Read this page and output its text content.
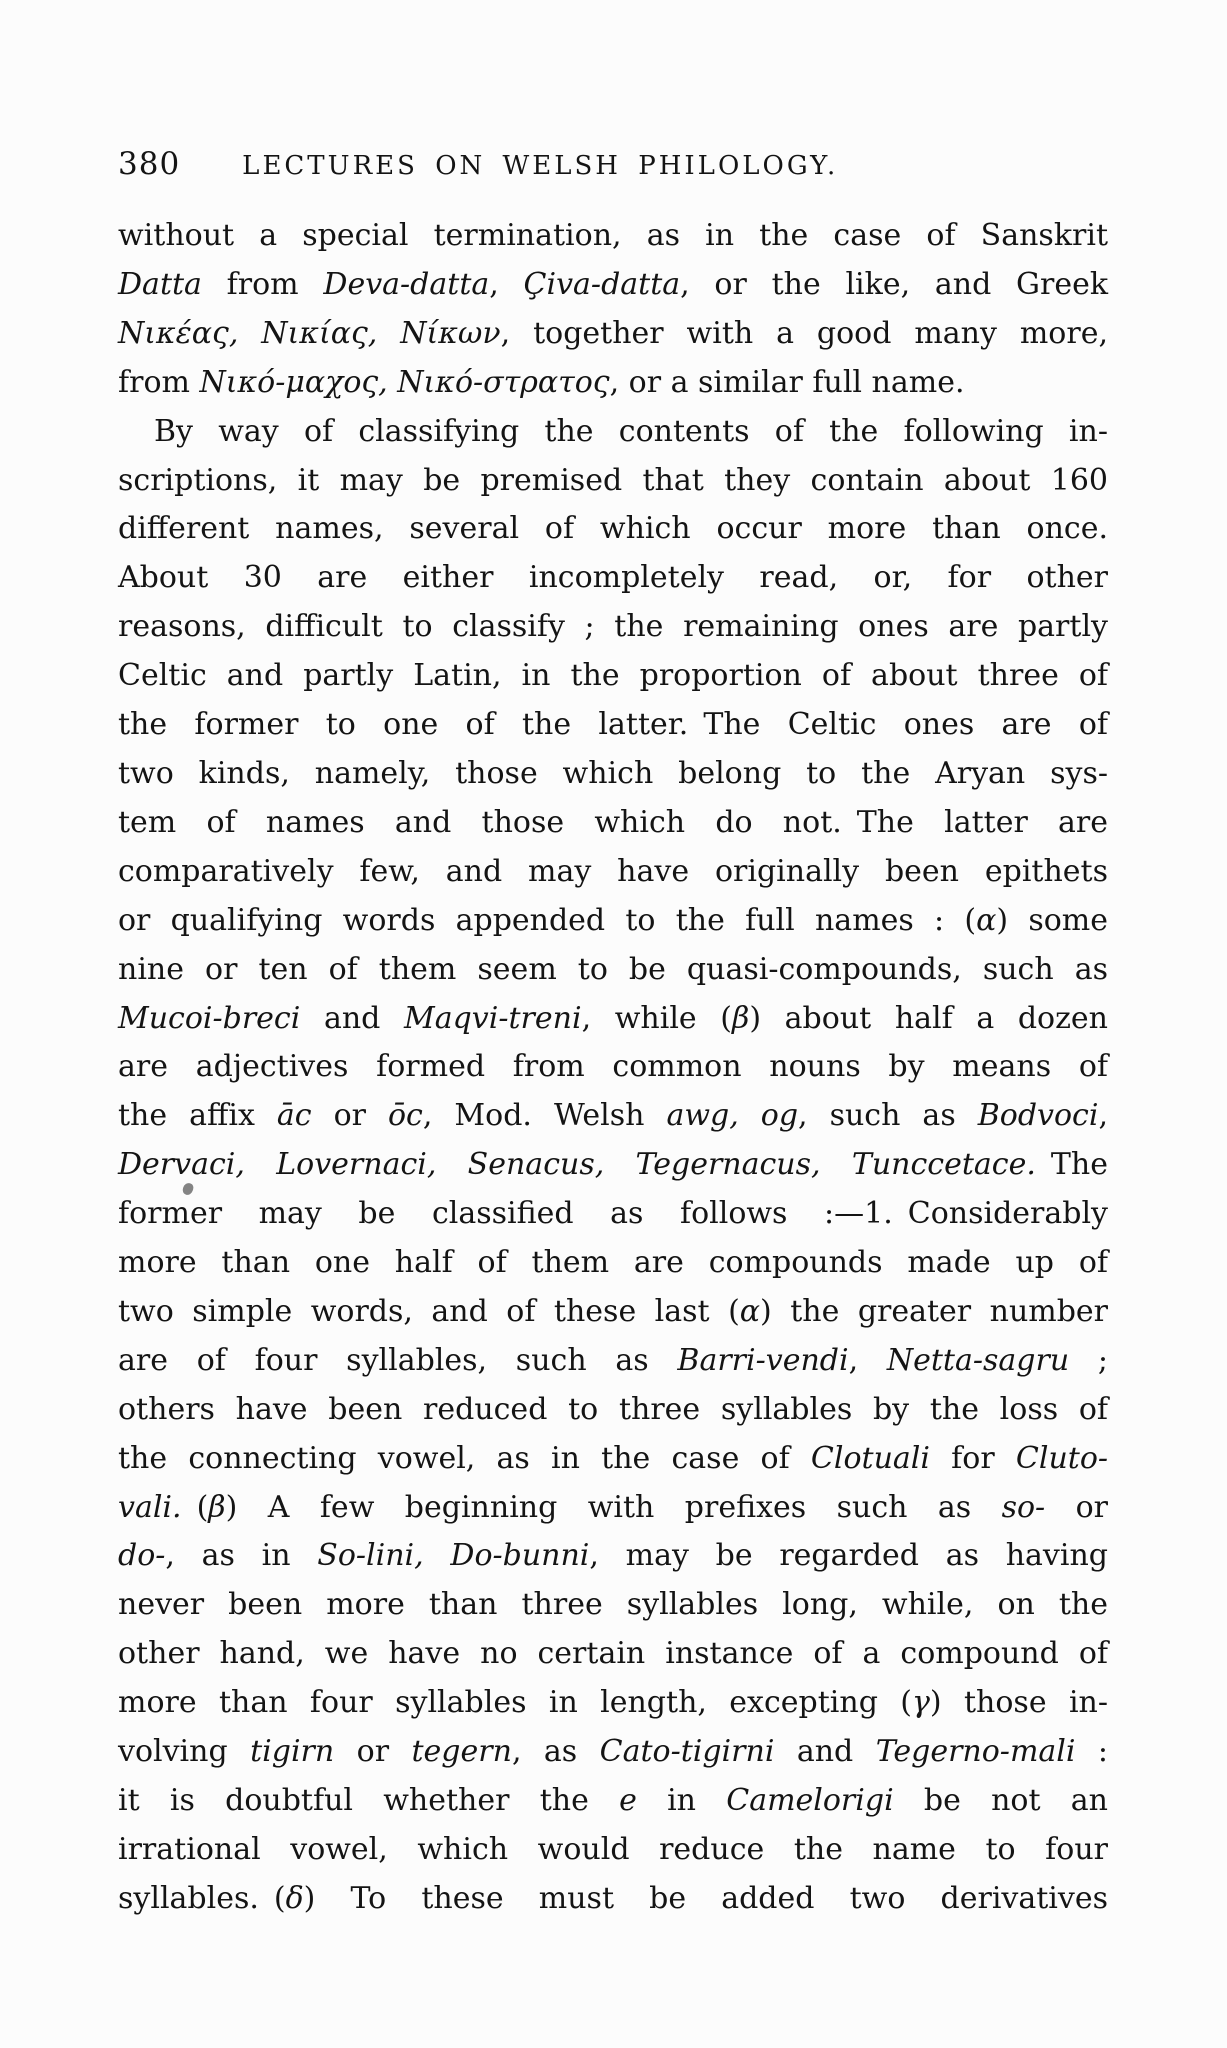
380 LECTURES ON WELSH PHILOLOGY.
without a special termination, as in the case of Sanskrit
Datta from Deva-datta, Çiva-datta, or the like, and Greek
Νικέας, Νικίας, Νίκων, together with a good many more,
from Νικό-μαχος, Νικό-στρατος, or a similar full name.
By way of classifying the contents of the following in-
scriptions, it may be premised that they contain about 160
different names, several of which occur more than once.
About 30 are either incompletely read, or, for other
reasons, difficult to classify ; the remaining ones are partly
Celtic and partly Latin, in the proportion of about three of
the former to one of the latter. The Celtic ones are of
two kinds, namely, those which belong to the Aryan sys-
tem of names and those which do not. The latter are
comparatively few, and may have originally been epithets
or qualifying words appended to the full names : (α) some
nine or ten of them seem to be quasi-compounds, such as
Mucoi-breci and Maqvi-treni, while (β) about half a dozen
are adjectives formed from common nouns by means of
the affix āc or ōc, Mod. Welsh awg, og, such as Bodvoci,
Dervaci, Lovernaci, Senacus, Tegernacus, Tunccetace. The
former may be classified as follows :—1. Considerably
more than one half of them are compounds made up of
two simple words, and of these last (α) the greater number
are of four syllables, such as Barri-vendi, Netta-sagru ;
others have been reduced to three syllables by the loss of
the connecting vowel, as in the case of Clotuali for Cluto-
vali. (β) A few beginning with prefixes such as so- or
do-, as in So-lini, Do-bunni, may be regarded as having
never been more than three syllables long, while, on the
other hand, we have no certain instance of a compound of
more than four syllables in length, excepting (γ) those in-
volving tigirn or tegern, as Cato-tigirni and Tegerno-mali :
it is doubtful whether the e in Camelorigi be not an
irrational vowel, which would reduce the name to four
syllables. (δ) To these must be added two derivatives
